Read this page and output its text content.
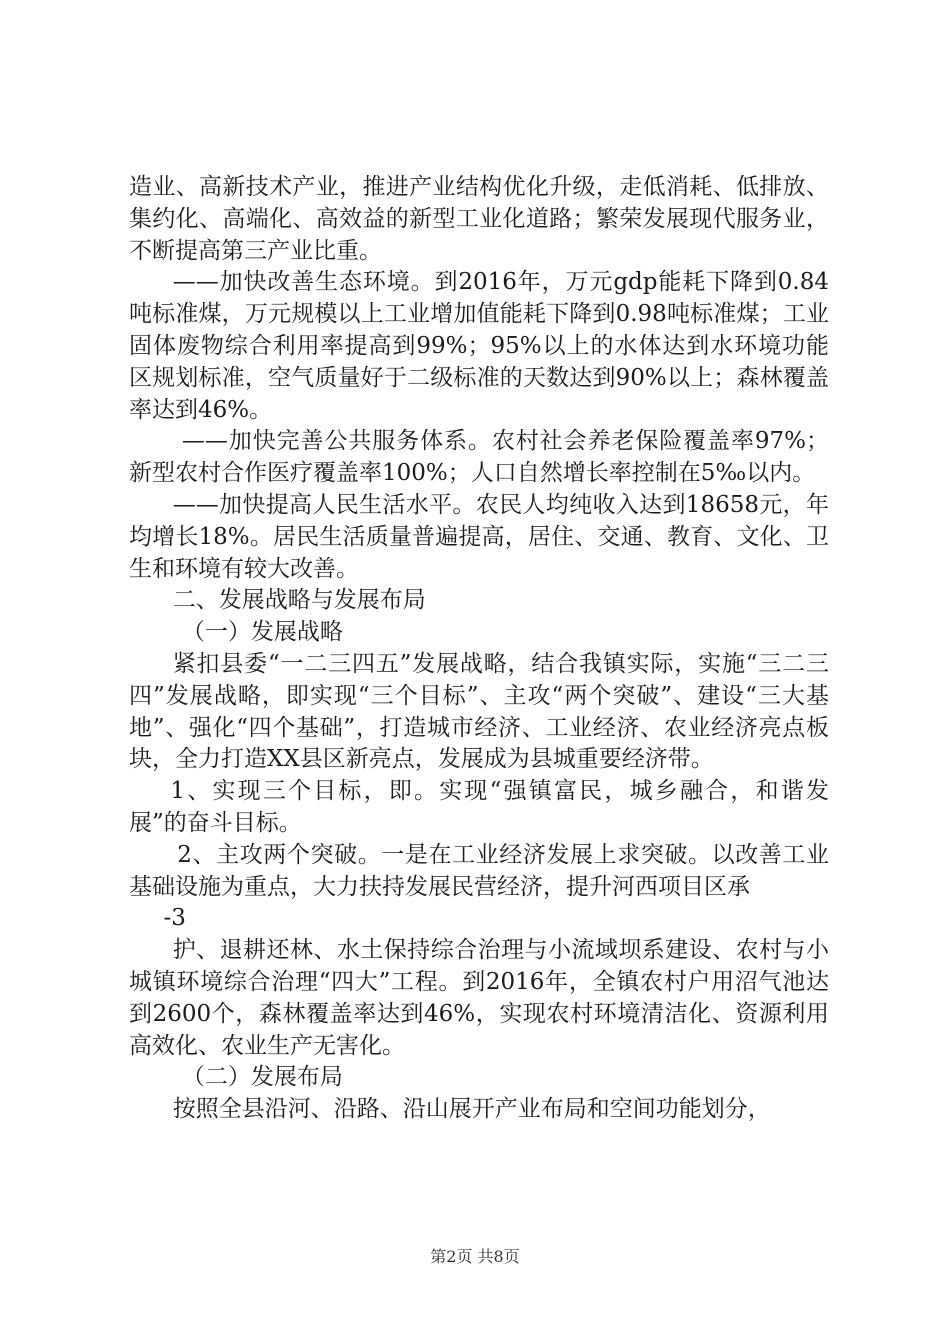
造业、高新技术产业，推进产业结构优化升级，走低消耗、低排放、集约化、高端化、高效益的新型工业化道路；繁荣发展现代服务业，不断提高第三产业比重。

——加快改善生态环境。到2016年，万元gdp能耗下降到0.84吨标准煤，万元规模以上工业增加值能耗下降到0.98吨标准煤；工业固体废物综合利用率提高到99%；95%以上的水体达到水环境功能区规划标准，空气质量好于二级标准的天数达到90%以上；森林覆盖率达到46%。

——加快完善公共服务体系。农村社会养老保险覆盖率97%；新型农村合作医疗覆盖率100%；人口自然增长率控制在5‰以内。

——加快提高人民生活水平。农民人均纯收入达到18658元，年均增长18%。居民生活质量普遍提高，居住、交通、教育、文化、卫生和环境有较大改善。

二、发展战略与发展布局

（一）发展战略

紧扣县委“一二三四五”发展战略，结合我镇实际，实施“三二三四”发展战略，即实现“三个目标”、主攻“两个突破”、建设“三大基地”、强化“四个基础”，打造城市经济、工业经济、农业经济亮点板块，全力打造XX县区新亮点，发展成为县城重要经济带。

1、实现三个目标，即。实现“强镇富民，城乡融合，和谐发展”的奋斗目标。

2、主攻两个突破。一是在工业经济发展上求突破。以改善工业基础设施为重点，大力扶持发展民营经济，提升河西项目区承

-3

护、退耕还林、水土保持综合治理与小流域坝系建设、农村与小城镇环境综合治理“四大”工程。到2016年，全镇农村户用沼气池达到2600个，森林覆盖率达到46%，实现农村环境清洁化、资源利用高效化、农业生产无害化。

（二）发展布局

按照全县沿河、沿路、沿山展开产业布局和空间功能划分，

第2页 共8页
